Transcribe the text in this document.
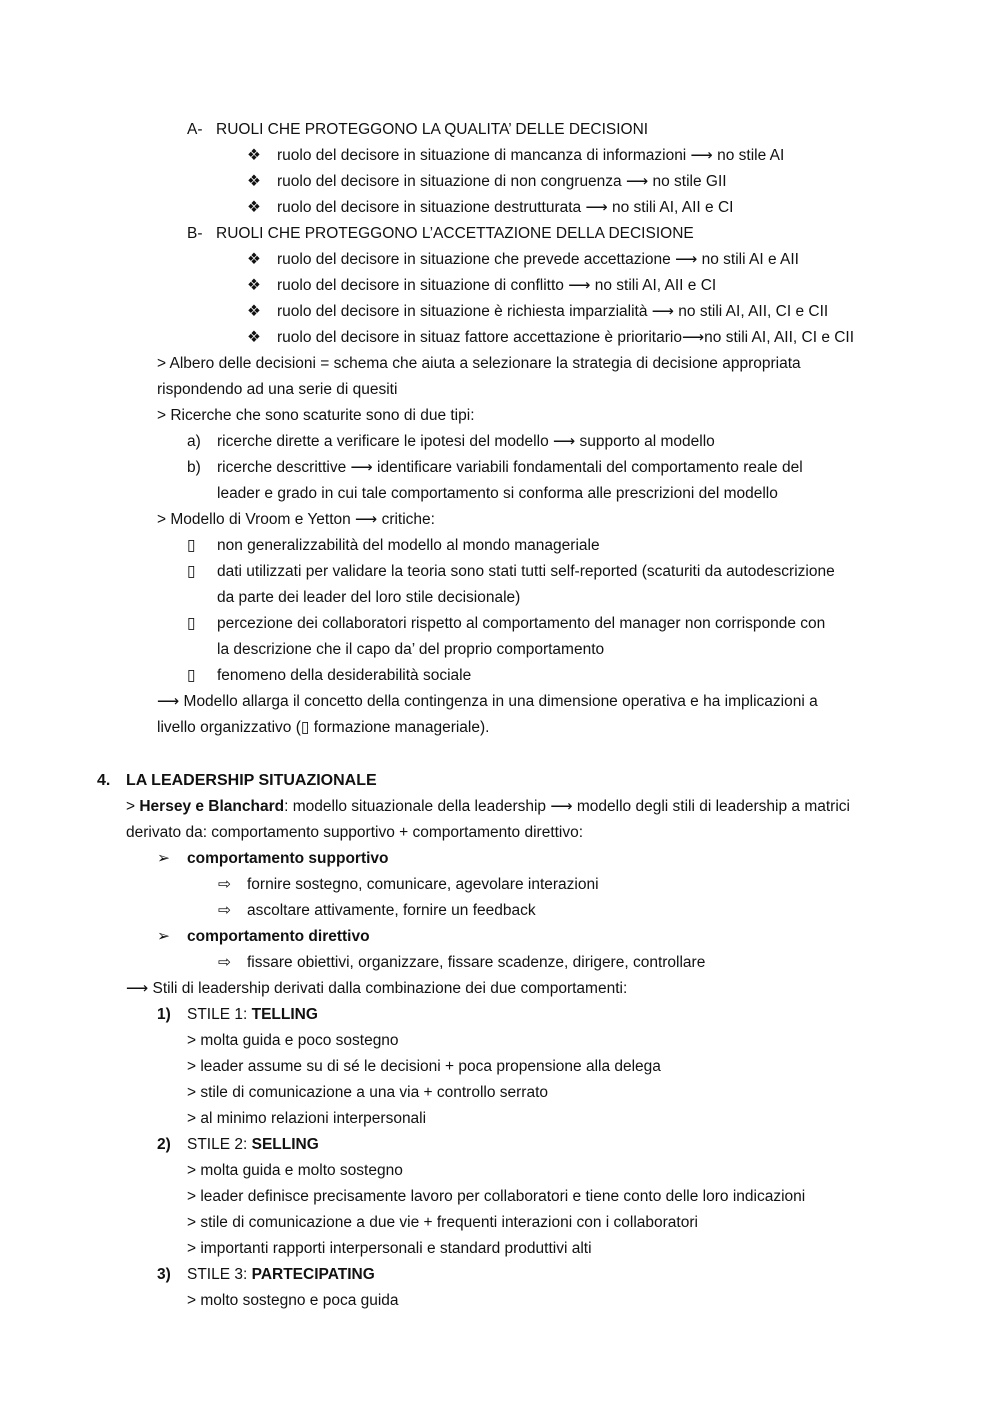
A- RUOLI CHE PROTEGGONO LA QUALITA’ DELLE DECISIONI
❖ ruolo del decisore in situazione di mancanza di informazioni ⟶ no stile AI
❖ ruolo del decisore in situazione di non congruenza ⟶ no stile GII
❖ ruolo del decisore in situazione destrutturata ⟶ no stili AI, AII e CI
B- RUOLI CHE PROTEGGONO L’ACCETTAZIONE DELLA DECISIONE
❖ ruolo del decisore in situazione che prevede accettazione ⟶ no stili AI e AII
❖ ruolo del decisore in situazione di conflitto ⟶ no stili AI, AII e CI
❖ ruolo del decisore in situazione è richiesta imparzialità ⟶ no stili AI, AII, CI e CII
❖ ruolo del decisore in situaz fattore accettazione è prioritario⟶no stili AI, AII, CI e CII
> Albero delle decisioni = schema che aiuta a selezionare la strategia di decisione appropriata
rispondendo ad una serie di quesiti
> Ricerche che sono scaturite sono di due tipi:
a) ricerche dirette a verificare le ipotesi del modello ⟶ supporto al modello
b) ricerche descrittive ⟶ identificare variabili fondamentali del comportamento reale del
leader e grado in cui tale comportamento si conforma alle prescrizioni del modello
> Modello di Vroom e Yetton ⟶ critiche:
▯ non generalizzabilità del modello al mondo manageriale
▯ dati utilizzati per validare la teoria sono stati tutti self-reported (scaturiti da autodescrizione
da parte dei leader del loro stile decisionale)
▯ percezione dei collaboratori rispetto al comportamento del manager non corrisponde con
la descrizione che il capo da’ del proprio comportamento
▯ fenomeno della desiderabilità sociale
⟶ Modello allarga il concetto della contingenza in una dimensione operativa e ha implicazioni a
livello organizzativo (▯ formazione manageriale).
4. LA LEADERSHIP SITUAZIONALE
> Hersey e Blanchard: modello situazionale della leadership ⟶ modello degli stili di leadership a matrici
derivato da: comportamento supportivo + comportamento direttivo:
➢ comportamento supportivo
⇨ fornire sostegno, comunicare, agevolare interazioni
⇨ ascoltare attivamente, fornire un feedback
➢ comportamento direttivo
⇨ fissare obiettivi, organizzare, fissare scadenze, dirigere, controllare
⟶ Stili di leadership derivati dalla combinazione dei due comportamenti:
1) STILE 1: TELLING
> molta guida e poco sostegno
> leader assume su di sé le decisioni + poca propensione alla delega
> stile di comunicazione a una via + controllo serrato
> al minimo relazioni interpersonali
2) STILE 2: SELLING
> molta guida e molto sostegno
> leader definisce precisamente lavoro per collaboratori e tiene conto delle loro indicazioni
> stile di comunicazione a due vie + frequenti interazioni con i collaboratori
> importanti rapporti interpersonali e standard produttivi alti
3) STILE 3: PARTECIPATING
> molto sostegno e poca guida
